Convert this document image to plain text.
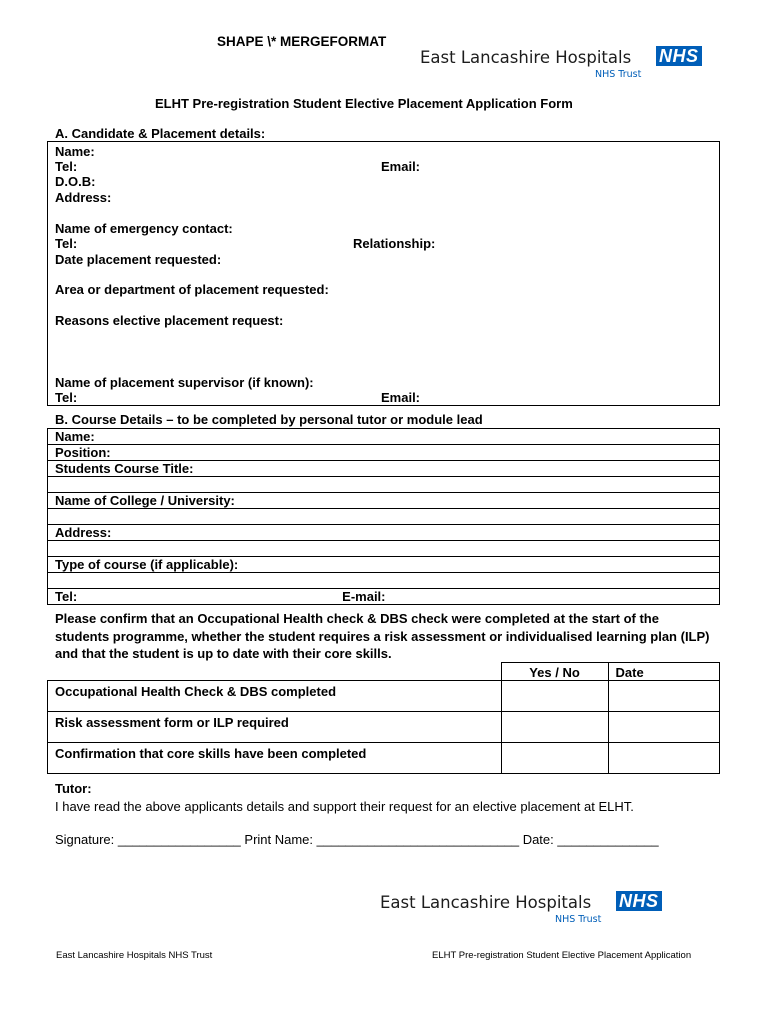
SHAPE \* MERGEFORMAT
East Lancashire Hospitals NHS
NHS Trust
ELHT Pre-registration Student Elective Placement Application Form
A. Candidate & Placement details:
Name:
Tel:	Email:
D.O.B:
Address:
Name of emergency contact:
Tel:	Relationship:
Date placement requested:
Area or department of placement requested:
Reasons elective placement request:
Name of placement supervisor (if known):
Tel:	Email:
B. Course Details – to be completed by personal tutor or module lead
Name:
Position:
Students Course Title:

Name of College / University:

Address:

Type of course (if applicable):

Tel:	E-mail:
Please confirm that an Occupational Health check & DBS check were completed at the start of the students programme, whether the student requires a risk assessment or individualised learning plan (ILP) and that the student is up to date with their core skills.
	Yes / No	Date
Occupational Health Check & DBS completed		
Risk assessment form or ILP required		
Confirmation that core skills have been completed		
Tutor:
I have read the above applicants details and support their request for an elective placement at ELHT.
Signature: _________________ Print Name: ____________________________ Date: ______________
East Lancashire Hospitals NHS
NHS Trust
East Lancashire Hospitals NHS Trust	ELHT Pre-registration Student Elective Placement Application
